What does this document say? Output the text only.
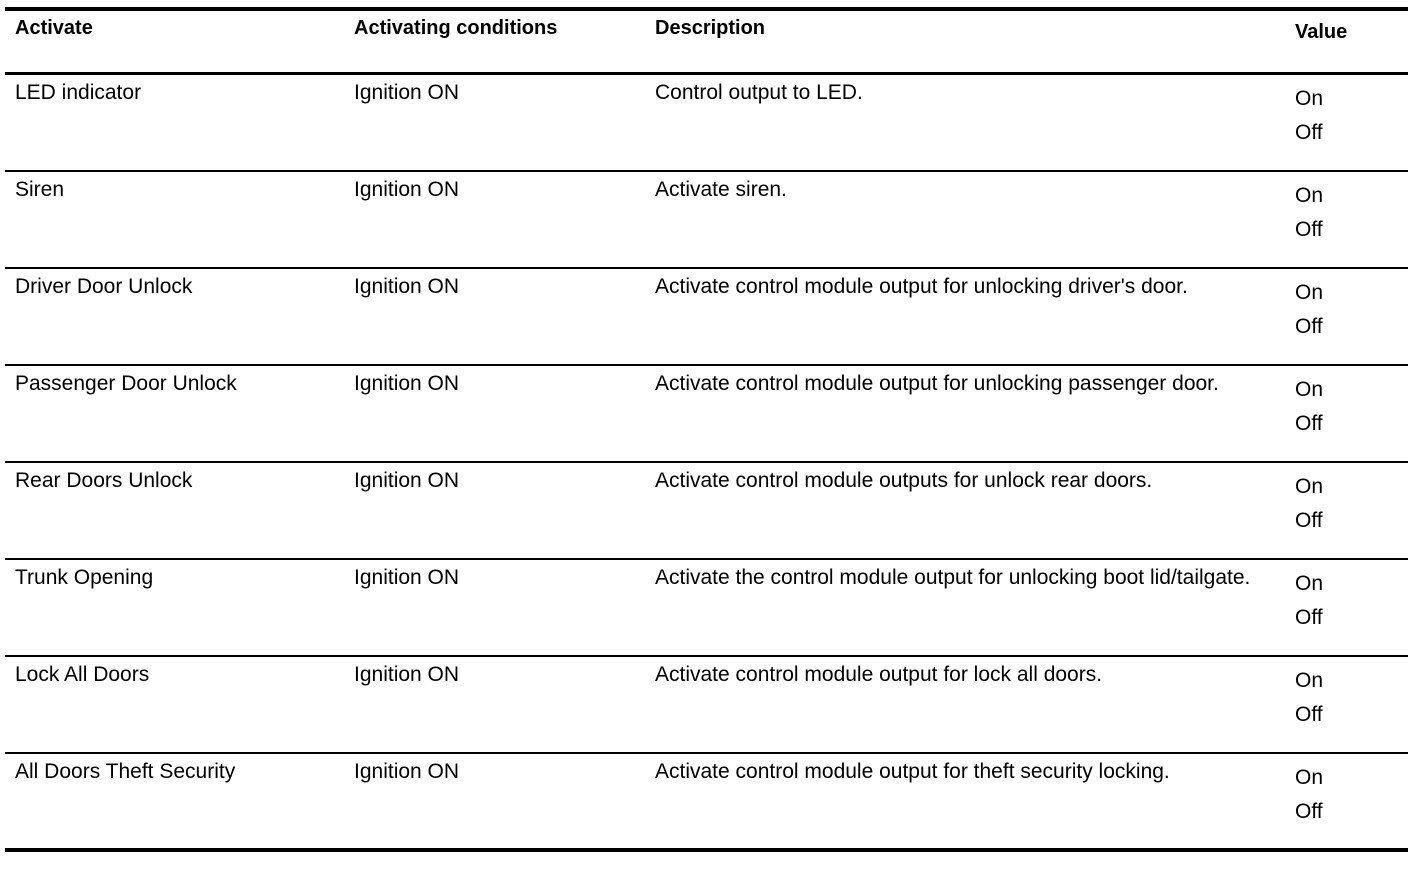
Activate	Activating conditions	Description	Value
LED indicator	Ignition ON	Control output to LED.	On
Off
Siren	Ignition ON	Activate siren.	On
Off
Driver Door Unlock	Ignition ON	Activate control module output for unlocking driver's door.	On
Off
Passenger Door Unlock	Ignition ON	Activate control module output for unlocking passenger door.	On
Off
Rear Doors Unlock	Ignition ON	Activate control module outputs for unlock rear doors.	On
Off
Trunk Opening	Ignition ON	Activate the control module output for unlocking boot lid/tailgate.	On
Off
Lock All Doors	Ignition ON	Activate control module output for lock all doors.	On
Off
All Doors Theft Security	Ignition ON	Activate control module output for theft security locking.	On
Off
